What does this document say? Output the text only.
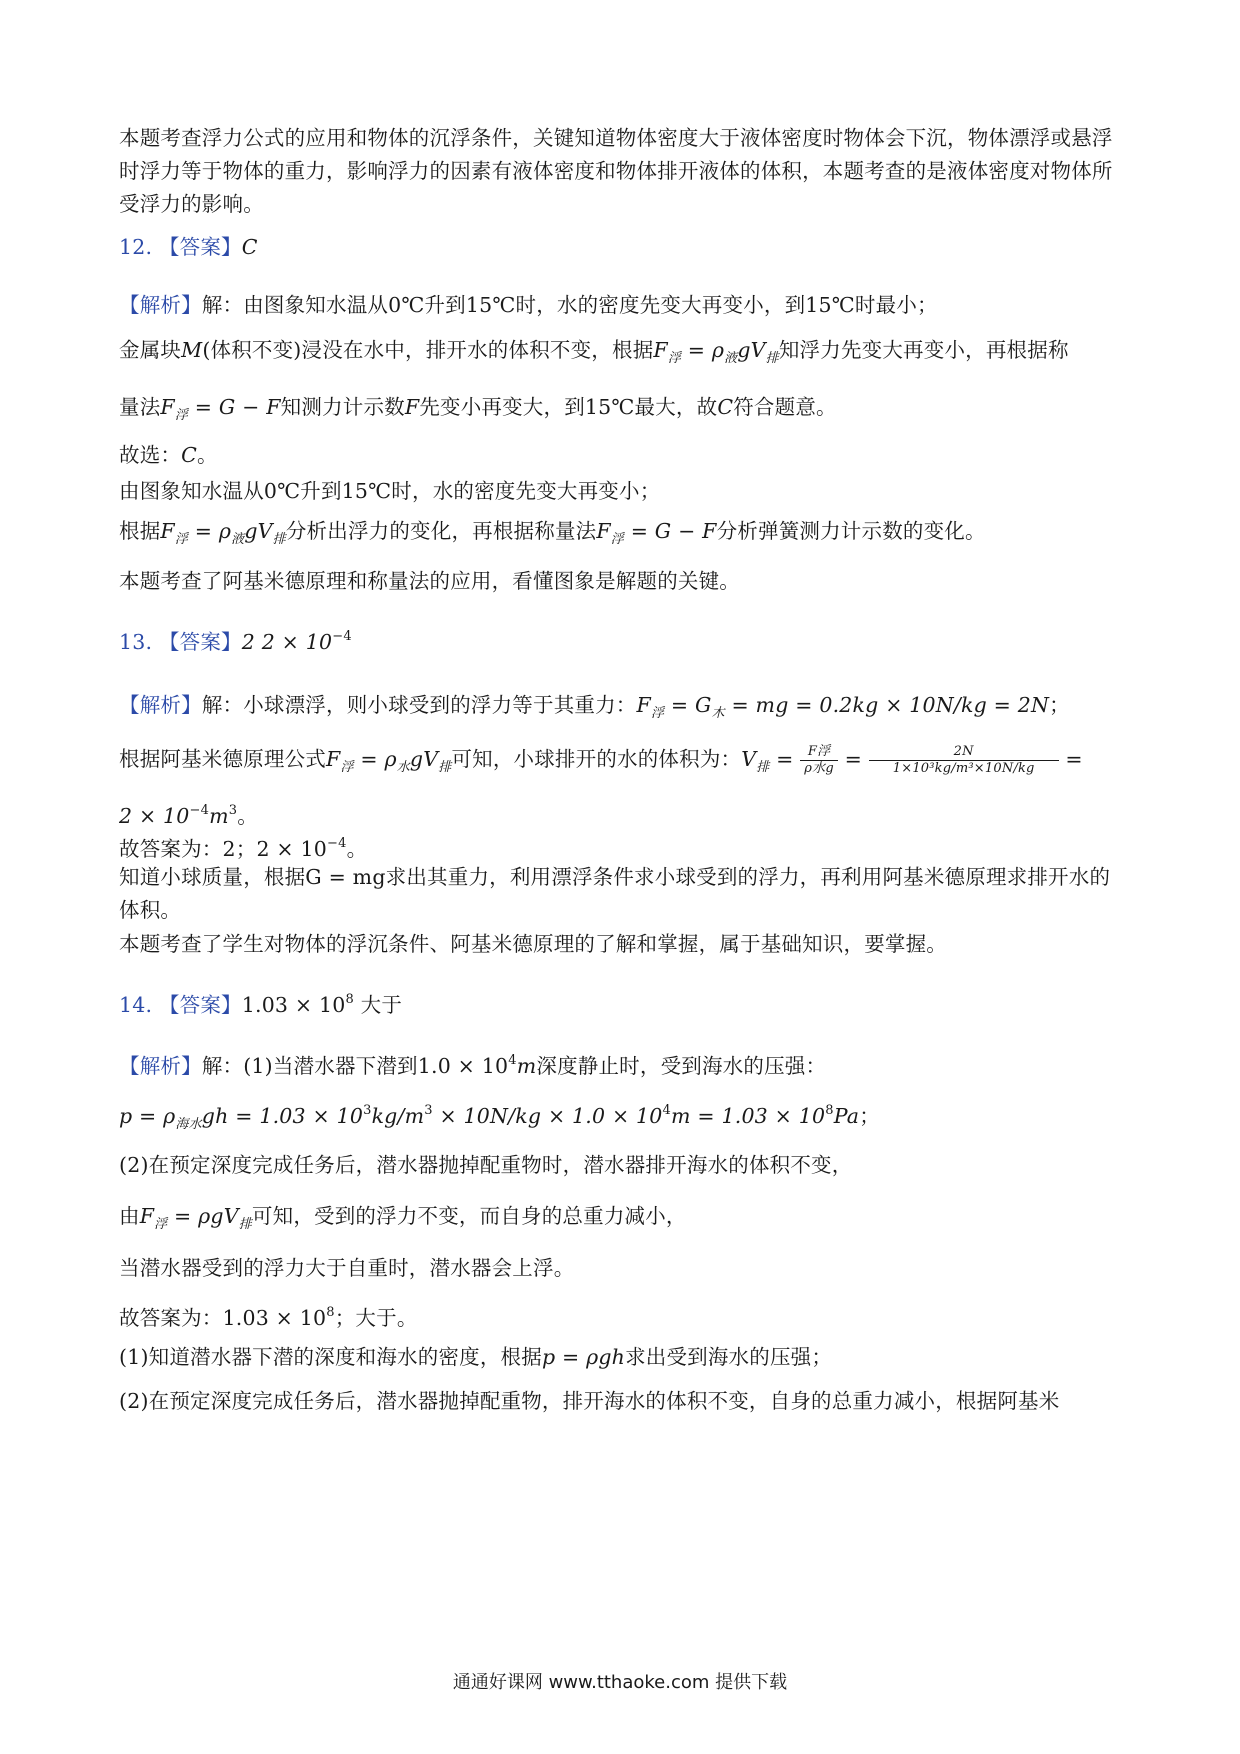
本题考查浮力公式的应用和物体的沉浮条件，关键知道物体密度大于液体密度时物体会下沉，物体漂浮或悬浮时浮力等于物体的重力，影响浮力的因素有液体密度和物体排开液体的体积，本题考查的是液体密度对物体所受浮力的影响。
12. 【答案】C
【解析】解：由图象知水温从0℃升到15℃时，水的密度先变大再变小，到15℃时最小；
金属块M(体积不变)浸没在水中，排开水的体积不变，根据$F_浮 = \rho_液gV_排$知浮力先变大再变小，再根据称
量法$F_浮 = G - F$知测力计示数F先变小再变大，到15℃最大，故C符合题意。
故选：C。
由图象知水温从0℃升到15℃时，水的密度先变大再变小；
根据$F_浮 = \rho_液gV_排$分析出浮力的变化，再根据称量法$F_浮 = G - F$分析弹簧测力计示数的变化。
本题考查了阿基米德原理和称量法的应用，看懂图象是解题的关键。
13. 【答案】2 $2 \times 10^{-4}$
【解析】解：小球漂浮，则小球受到的浮力等于其重力：$F_浮 = G_木$ = mg = 0.2kg × 10N/kg = 2N；
根据阿基米德原理公式$F_浮 = \rho_水gV_排$可知，小球排开的水的体积为：$V_排 = \frac{\text{F浮}}{\text{ρ水g}} = \frac{2N}{\text{1×10³kg/m³×10N/kg}}$ =
$2 \times 10^{-4}m^3$。
故答案为：2；$2 \times 10^{-4}$。
知道小球质量，根据G = mg求出其重力，利用漂浮条件求小球受到的浮力，再利用阿基米德原理求排开水的体积。
本题考查了学生对物体的浮沉条件、阿基米德原理的了解和掌握，属于基础知识，要掌握。
14. 【答案】$1.03 \times 10^8$ 大于
【解析】解：(1)当潜水器下潜到$1.0 \times 10^4m$深度静止时，受到海水的压强：
$p = \rho_{海水}gh = 1.03 \times 10^3kg/m^3 \times 10N/kg \times 1.0 \times 10^4m = 1.03 \times 10^8Pa$；
(2)在预定深度完成任务后，潜水器抛掉配重物时，潜水器排开海水的体积不变，
由$F_浮 = \rho gV_排$可知，受到的浮力不变，而自身的总重力减小，
当潜水器受到的浮力大于自重时，潜水器会上浮。
故答案为：$1.03 \times 10^8$；大于。
(1)知道潜水器下潜的深度和海水的密度，根据p = ρgh求出受到海水的压强；
(2)在预定深度完成任务后，潜水器抛掉配重物，排开海水的体积不变，自身的总重力减小，根据阿基米
通通好课网 www.tthaoke.com 提供下载
